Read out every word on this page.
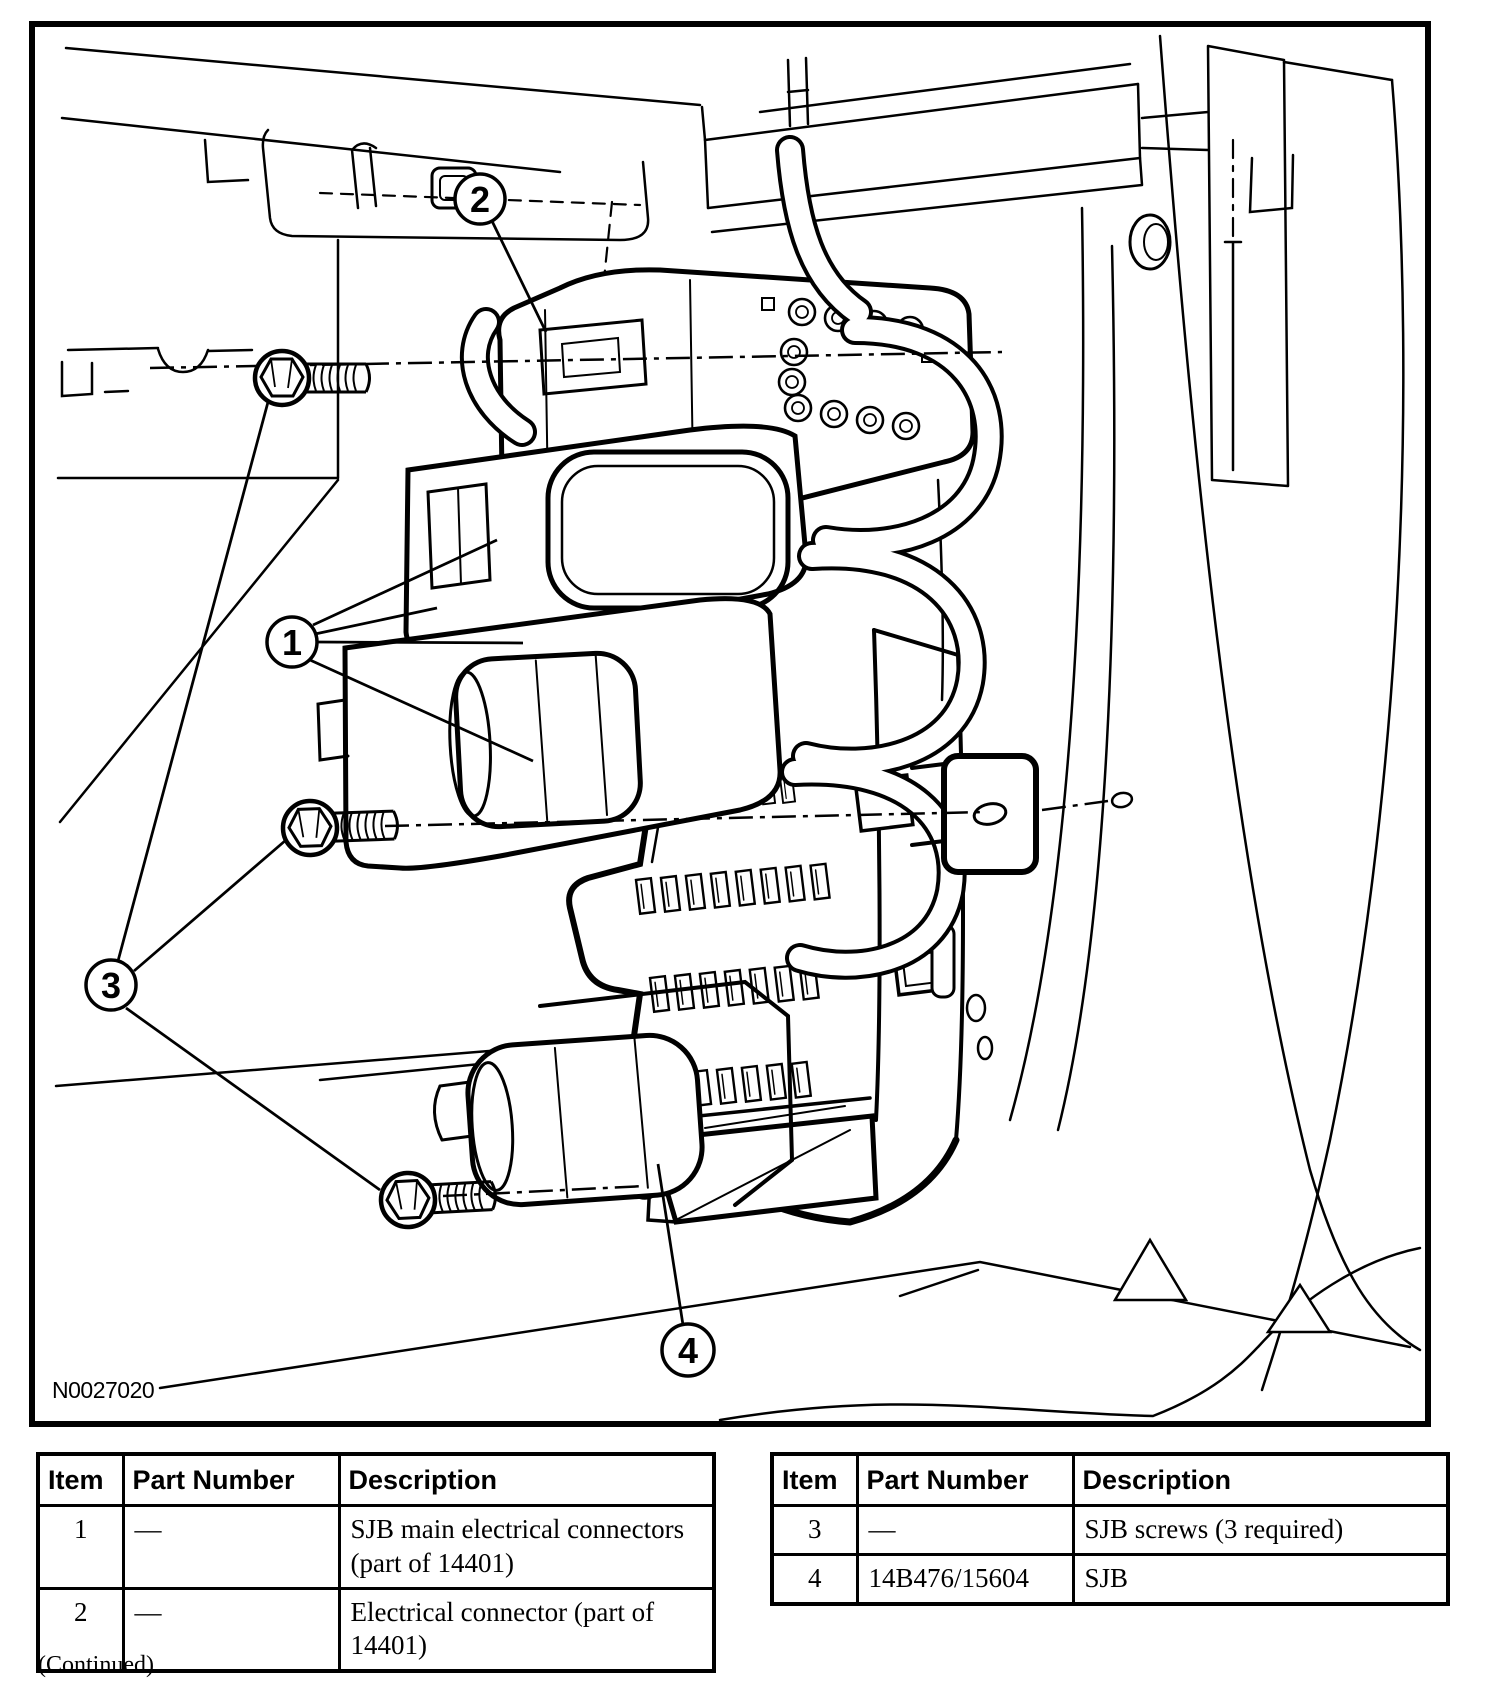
1
2
3
4
N0027020
Item	Part Number	Description
1	—	SJB main electrical connectors (part of 14401)
2	—	Electrical connector (part of 14401)
Item	Part Number	Description
3	—	SJB screws (3 required)
4	14B476/15604	SJB
(Continued)
